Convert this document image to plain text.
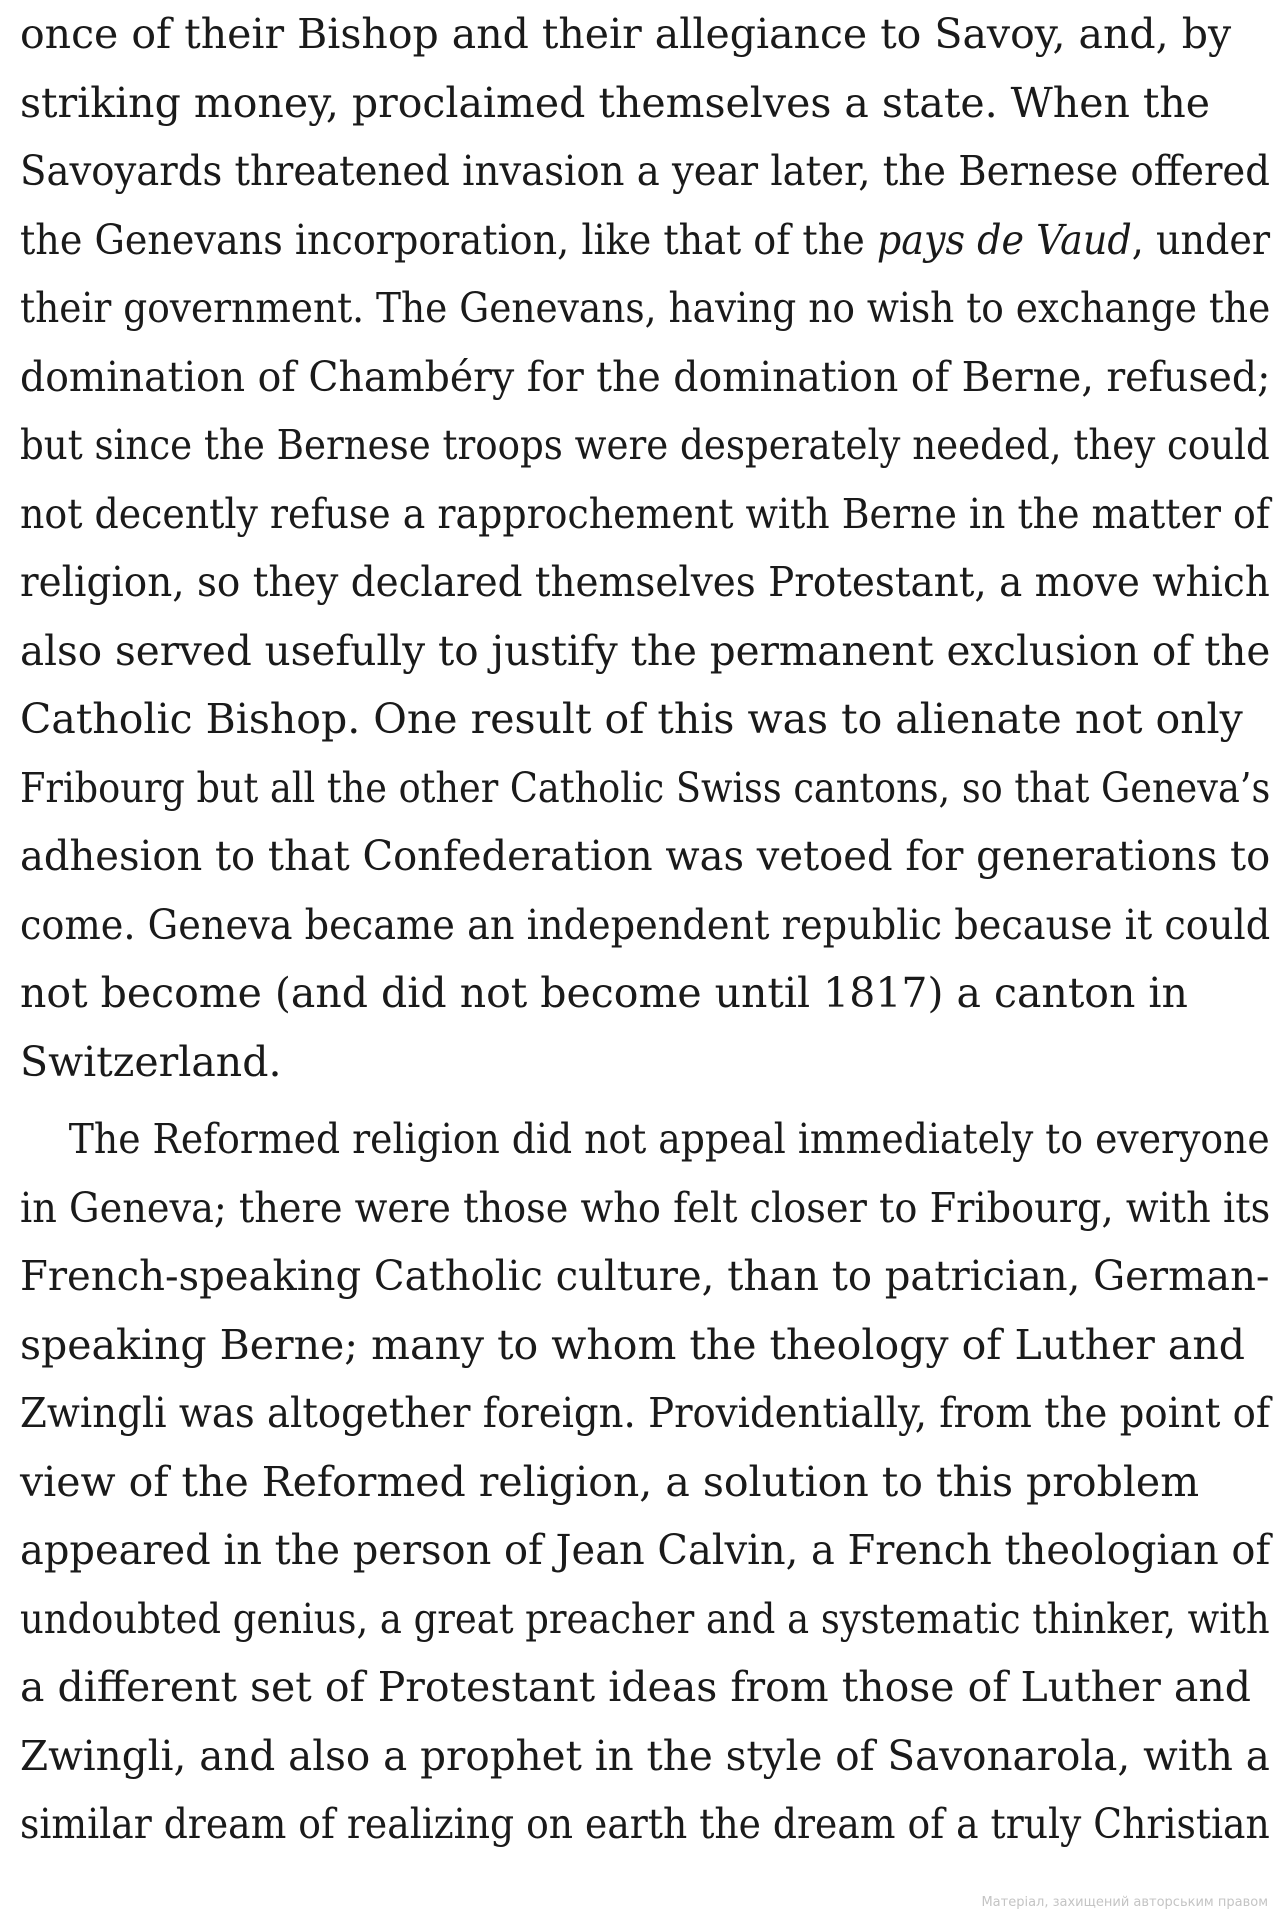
once of their Bishop and their allegiance to Savoy, and, by
striking money, proclaimed themselves a state. When the
Savoyards threatened invasion a year later, the Bernese offered
the Genevans incorporation, like that of the pays de Vaud, under
their government. The Genevans, having no wish to exchange the
domination of Chambéry for the domination of Berne, refused;
but since the Bernese troops were desperately needed, they could
not decently refuse a rapprochement with Berne in the matter of
religion, so they declared themselves Protestant, a move which
also served usefully to justify the permanent exclusion of the
Catholic Bishop. One result of this was to alienate not only
Fribourg but all the other Catholic Swiss cantons, so that Geneva’s
adhesion to that Confederation was vetoed for generations to
come. Geneva became an independent republic because it could
not become (and did not become until 1817) a canton in
Switzerland.
The Reformed religion did not appeal immediately to everyone
in Geneva; there were those who felt closer to Fribourg, with its
French-speaking Catholic culture, than to patrician, German-
speaking Berne; many to whom the theology of Luther and
Zwingli was altogether foreign. Providentially, from the point of
view of the Reformed religion, a solution to this problem
appeared in the person of Jean Calvin, a French theologian of
undoubted genius, a great preacher and a systematic thinker, with
a different set of Protestant ideas from those of Luther and
Zwingli, and also a prophet in the style of Savonarola, with a
similar dream of realizing on earth the dream of a truly Christian
Матеріал, захищений авторським правом
